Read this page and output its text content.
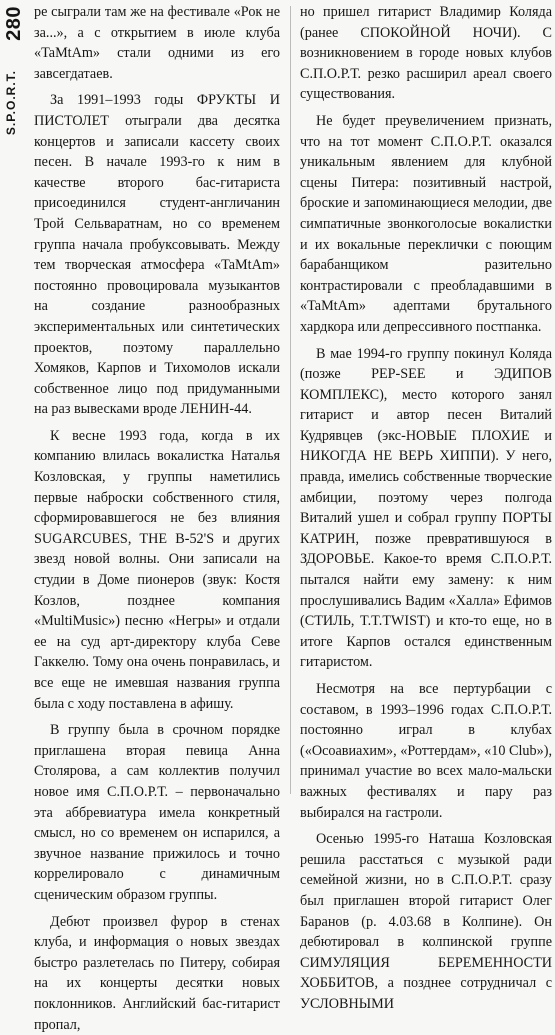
280
S.P.O.R.T.

ре сыграли там же на фестивале «Рок не за...», а с открытием в июле клуба «TaMtAm» стали одними из его завсегдатаев.

За 1991–1993 годы ФРУКТЫ И ПИСТОЛЕТ отыграли два десятка концертов и записали кассету своих песен. В начале 1993-го к ним в качестве второго бас-гитариста присоединился студент-англичанин Трой Сельваратнам, но со временем группа начала пробуксовывать. Между тем творческая атмосфера «TaMtAm» постоянно провоцировала музыкантов на создание разнообразных экспериментальных или синтетических проектов, поэтому параллельно Хомяков, Карпов и Тихомолов искали собственное лицо под придуманными на раз вывесками вроде ЛЕНИН-44.

К весне 1993 года, когда в их компанию влилась вокалистка Наталья Козловская, у группы наметились первые наброски собственного стиля, сформировавшегося не без влияния SUGARCUBES, THE B-52'S и других звезд новой волны. Они записали на студии в Доме пионеров (звук: Костя Козлов, позднее компания «MultiMusic») песню «Негры» и отдали ее на суд арт-директору клуба Севе Гаккелю. Тому она очень понравилась, и все еще не имевшая названия группа была с ходу поставлена в афишу.

В группу была в срочном порядке приглашена вторая певица Анна Столярова, а сам коллектив получил новое имя С.П.О.Р.Т. – первоначально эта аббревиатура имела конкретный смысл, но со временем он испарился, а звучное название прижилось и точно коррелировало с динамичным сценическим образом группы.

Дебют произвел фурор в стенах клуба, и информация о новых звездах быстро разлетелась по Питеру, собирая на их концерты десятки новых поклонников. Английский бас-гитарист пропал,

но пришел гитарист Владимир Коляда (ранее СПОКОЙНОЙ НОЧИ). С возникновением в городе новых клубов С.П.О.Р.Т. резко расширил ареал своего существования.

Не будет преувеличением признать, что на тот момент С.П.О.Р.Т. оказался уникальным явлением для клубной сцены Питера: позитивный настрой, броские и запоминающиеся мелодии, две симпатичные звонкоголосые вокалистки и их вокальные переклички с поющим барабанщиком разительно контрастировали с преобладавшими в «TaMtAm» адептами брутального хардкора или депрессивного постпанка.

В мае 1994-го группу покинул Коляда (позже PEP-SEE и ЭДИПОВ КОМПЛЕКС), место которого занял гитарист и автор песен Виталий Кудрявцев (экс-НОВЫЕ ПЛОХИЕ и НИКОГДА НЕ ВЕРЬ ХИППИ). У него, правда, имелись собственные творческие амбиции, поэтому через полгода Виталий ушел и собрал группу ПОРТЫ КАТРИН, позже превратившуюся в ЗДОРОВЬЕ. Какое-то время С.П.О.Р.Т. пытался найти ему замену: к ним прослушивались Вадим «Халла» Ефимов (СТИЛЬ, T.T.TWIST) и кто-то еще, но в итоге Карпов остался единственным гитаристом.

Несмотря на все пертурбации с составом, в 1993–1996 годах С.П.О.Р.Т. постоянно играл в клубах («Осоавиахим», «Роттердам», «10 Club»), принимал участие во всех мало-мальски важных фестивалях и пару раз выбирался на гастроли.

Осенью 1995-го Наташа Козловская решила расстаться с музыкой ради семейной жизни, но в С.П.О.Р.Т. сразу был приглашен второй гитарист Олег Баранов (р. 4.03.68 в Колпине). Он дебютировал в колпинской группе СИМУЛЯЦИЯ БЕРЕМЕННОСТИ ХОББИТОВ, а позднее сотрудничал с УСЛОВНЫМИ
